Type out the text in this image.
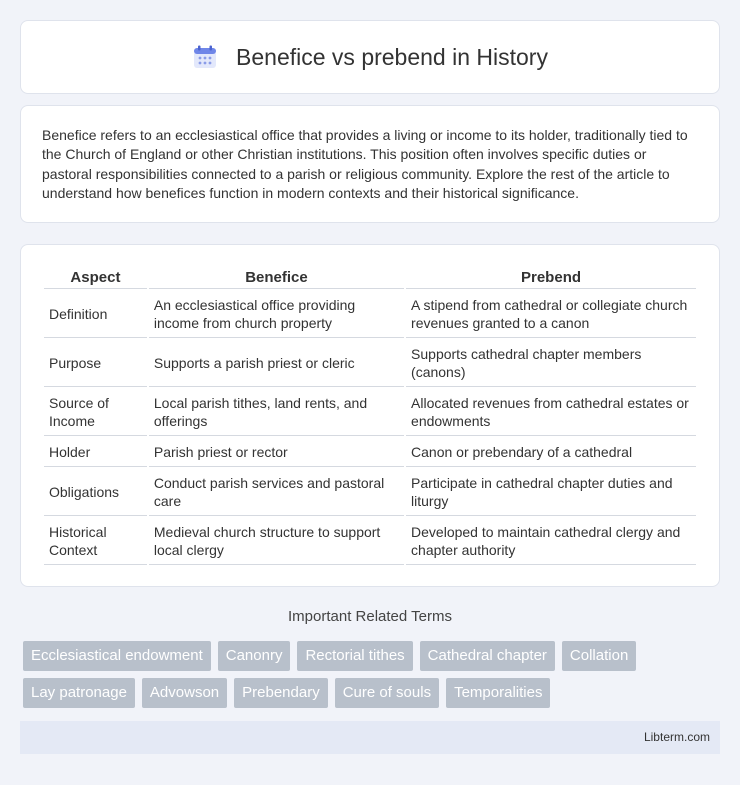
Benefice vs prebend in History

Benefice refers to an ecclesiastical office that provides a living or income to its holder, traditionally tied to the Church of England or other Christian institutions. This position often involves specific duties or pastoral responsibilities connected to a parish or religious community. Explore the rest of the article to understand how benefices function in modern contexts and their historical significance.

Aspect	Benefice	Prebend
Definition	An ecclesiastical office providing income from church property	A stipend from cathedral or collegiate church revenues granted to a canon
Purpose	Supports a parish priest or cleric	Supports cathedral chapter members (canons)
Source of Income	Local parish tithes, land rents, and offerings	Allocated revenues from cathedral estates or endowments
Holder	Parish priest or rector	Canon or prebendary of a cathedral
Obligations	Conduct parish services and pastoral care	Participate in cathedral chapter duties and liturgy
Historical Context	Medieval church structure to support local clergy	Developed to maintain cathedral clergy and chapter authority
Important Related Terms
Ecclesiastical endowment	Canonry	Rectorial tithes	Cathedral chapter	Collation
Lay patronage	Advowson	Prebendary	Cure of souls	Temporalities
Libterm.com
